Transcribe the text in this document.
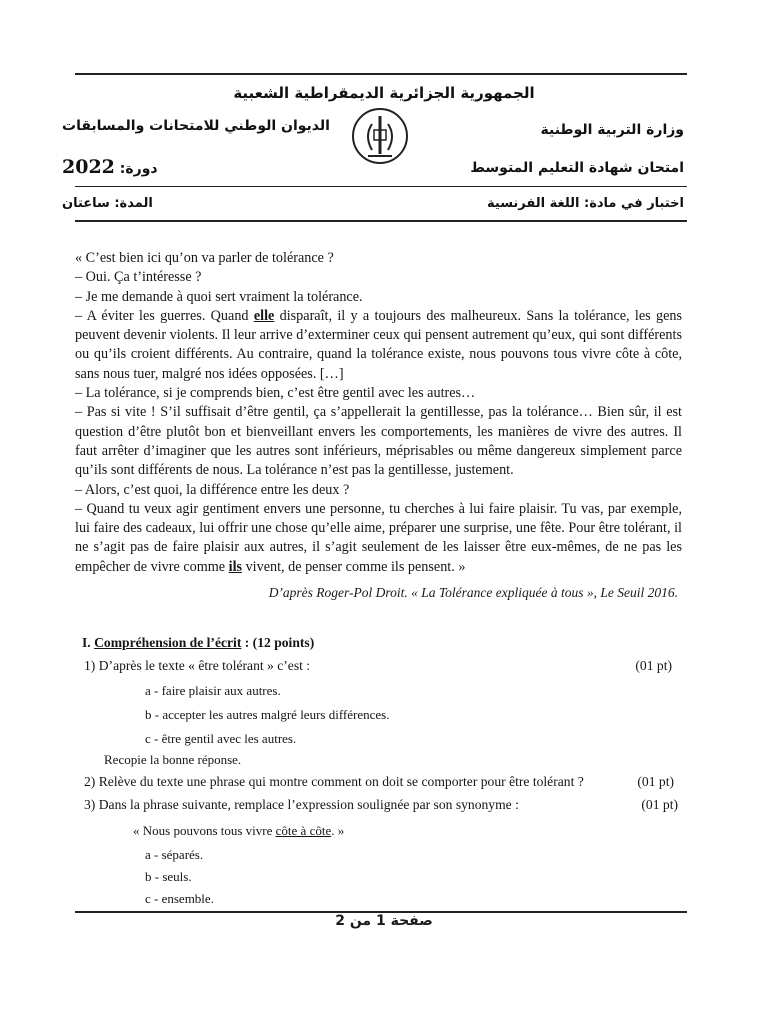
الجمهورية الجزائرية الديمقراطية الشعبية
وزارة التربية الوطنية
الديوان الوطني للامتحانات والمسابقات
امتحان شهادة التعليم المتوسط
دورة: 2022
اختبار في مادة: اللغة الفرنسية
المدة: ساعتان

« C’est bien ici qu’on va parler de tolérance ?

– Oui. Ça t’intéresse ?

– Je me demande à quoi sert vraiment la tolérance.

– A éviter les guerres. Quand elle disparaît, il y a toujours des malheureux. Sans la tolérance, les gens peuvent devenir violents. Il leur arrive d’exterminer ceux qui pensent autrement qu’eux, qui sont différents ou qu’ils croient différents. Au contraire, quand la tolérance existe, nous pouvons tous vivre côte à côte, sans nous tuer, malgré nos idées opposées. […]

– La tolérance, si je comprends bien, c’est être gentil avec les autres…

– Pas si vite ! S’il suffisait d’être gentil, ça s’appellerait la gentillesse, pas la tolérance… Bien sûr, il est question d’être plutôt bon et bienveillant envers les comportements, les manières de vivre des autres. Il faut arrêter d’imaginer que les autres sont inférieurs, méprisables ou même dangereux simplement parce qu’ils sont différents de nous. La tolérance n’est pas la gentillesse, justement.

– Alors, c’est quoi, la différence entre les deux ?

– Quand tu veux agir gentiment envers une personne, tu cherches à lui faire plaisir. Tu vas, par exemple, lui faire des cadeaux, lui offrir une chose qu’elle aime, préparer une surprise, une fête. Pour être tolérant, il ne s’agit pas de faire plaisir aux autres, il s’agit seulement de les laisser être eux-mêmes, de ne pas les empêcher de vivre comme ils vivent, de penser comme ils pensent. »

D’après Roger-Pol Droit. « La Tolérance expliquée à tous », Le Seuil 2016.
I. Compréhension de l’écrit : (12 points)
1) D’après le texte « être tolérant » c’est :	(01 pt)
a - faire plaisir aux autres.
b - accepter les autres malgré leurs différences.
c - être gentil avec les autres.
Recopie la bonne réponse.
2) Relève du texte une phrase qui montre comment on doit se comporter pour être tolérant ?	(01 pt)
3) Dans la phrase suivante, remplace l’expression soulignée par son synonyme :	(01 pt)
« Nous pouvons tous vivre côte à côte. »
a - séparés.
b - seuls.
c - ensemble.
صفحة 1 من 2
